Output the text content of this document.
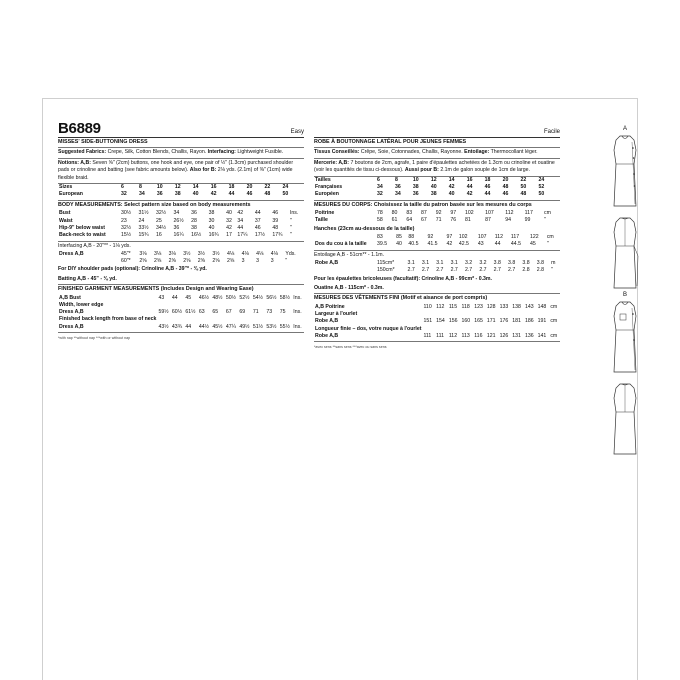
B6889	Easy
MISSES' SIDE-BUTTONING DRESS
Suggested Fabrics: Crepe, Silk, Cotton Blends, Challis, Rayon. Interfacing: Lightweight Fusible.
Notions: A,B: Seven ⅝" (2cm) buttons, one hook and eye, one pair of ½" (1.3cm) purchased shoulder pads or crinoline and batting (see fabric amounts below). Also for B: 2⅛ yds. (2.1m) of ⅜" (1cm) wide flexible braid.
Sizes	6	8	10	12	14	16	18	20	22	24	
European	32	34	36	38	40	42	44	46	48	50	
BODY MEASUREMENTS: Select pattern size based on body measurements
Bust	30½	31½	32½	34	36	38	40	42	44	46	Ins.
Waist	23	24	25	26½	28	30	32	34	37	39	"
Hip-9" below waist	32½	33½	34½	36	38	40	42	44	46	48	"
Back-neck to waist	15½	15¾	16	16¼	16½	16¾	17	17¼	17½	17¾	"
Interfacing A,B - 20"** - 1⅛ yds.
Dress A,B	45"*	3⅛	3⅛	3⅛	3½	3½	3½	4⅛	4⅛	4⅛	4⅛	Yds.
	60"*	2⅝	2⅝	2⅝	2⅝	2⅝	2⅝	2⅝	3	3	3	"
For DIY shoulder pads (optional): Crinoline A,B - 39"* - ⅜ yd.
Batting A,B - 45" - ⅜ yd.
FINISHED GARMENT MEASUREMENTS (Includes Design and Wearing Ease)
A,B Bust	43	44	45	46½	48½	50½	52½	54½	56½	58½	Ins.
Width, lower edge											
Dress A,B	59½	60½	61½	63	65	67	69	71	73	75	Ins.
Finished back length from base of neck											
Dress A,B	43½	43¾	44	44½	45½	47¼	49½	51½	53½	55½	Ins.
*with nap **without nap ***with or without nap
Facile
ROBE À BOUTONNAGE LATÉRAL POUR JEUNES FEMMES
Tissus Conseillés: Crêpe, Soie, Cotonnades, Challis, Rayonne. Entoilage: Thermocollant léger.
Mercerie: A,B: 7 boutons de 2cm, agrafe, 1 paire d'épaulettes achetées de 1.3cm ou crinoline et ouatine (voir les quantités de tissu ci-dessous). Aussi pour B: 2.1m de galon souple de 1cm de large.
Tailles	6	8	10	12	14	16	18	20	22	24	
Françaises	34	36	38	40	42	44	46	48	50	52	
Européen	32	34	36	38	40	42	44	46	48	50	
MESURES DU CORPS: Choisissez la taille du patron basée sur les mesures du corps
Poitrine	78	80	83	87	92	97	102	107	112	117	cm
Taille	58	61	64	67	71	76	81	87	94	99	"
Hanches (23cm au-dessous de la taille)
	83	85	88	92	97	102	107	112	117	122	cm
Dos du cou à la taille	39.5	40	40.5	41.5	42	42.5	43	44	44.5	45	"
Entoilage A,B - 51cm** - 1.1m.
Robe A,B	115cm*	3.1	3.1	3.1	3.1	3.2	3.2	3.8	3.8	3.8	3.8	m
	150cm*	2.7	2.7	2.7	2.7	2.7	2.7	2.7	2.7	2.8	2.8	"
Pour les épaulettes bricoleuses (facultatif): Crinoline A,B - 99cm* - 0.3m.
Ouatine A,B - 115cm* - 0.3m.
MESURES DES VÊTEMENTS FINI (Motif et aisance de port compris)
A,B Poitrine	110	112	115	118	123	128	133	138	143	148	cm
Largeur à l'ourlet											
Robe A,B	151	154	156	160	165	171	176	181	186	191	cm
Longueur finie – dos, votre nuque à l'ourlet											
Robe A,B	111	111	112	113	116	121	126	131	136	141	cm
*avec sens **sans sens ***avec ou sans sens
A
B
